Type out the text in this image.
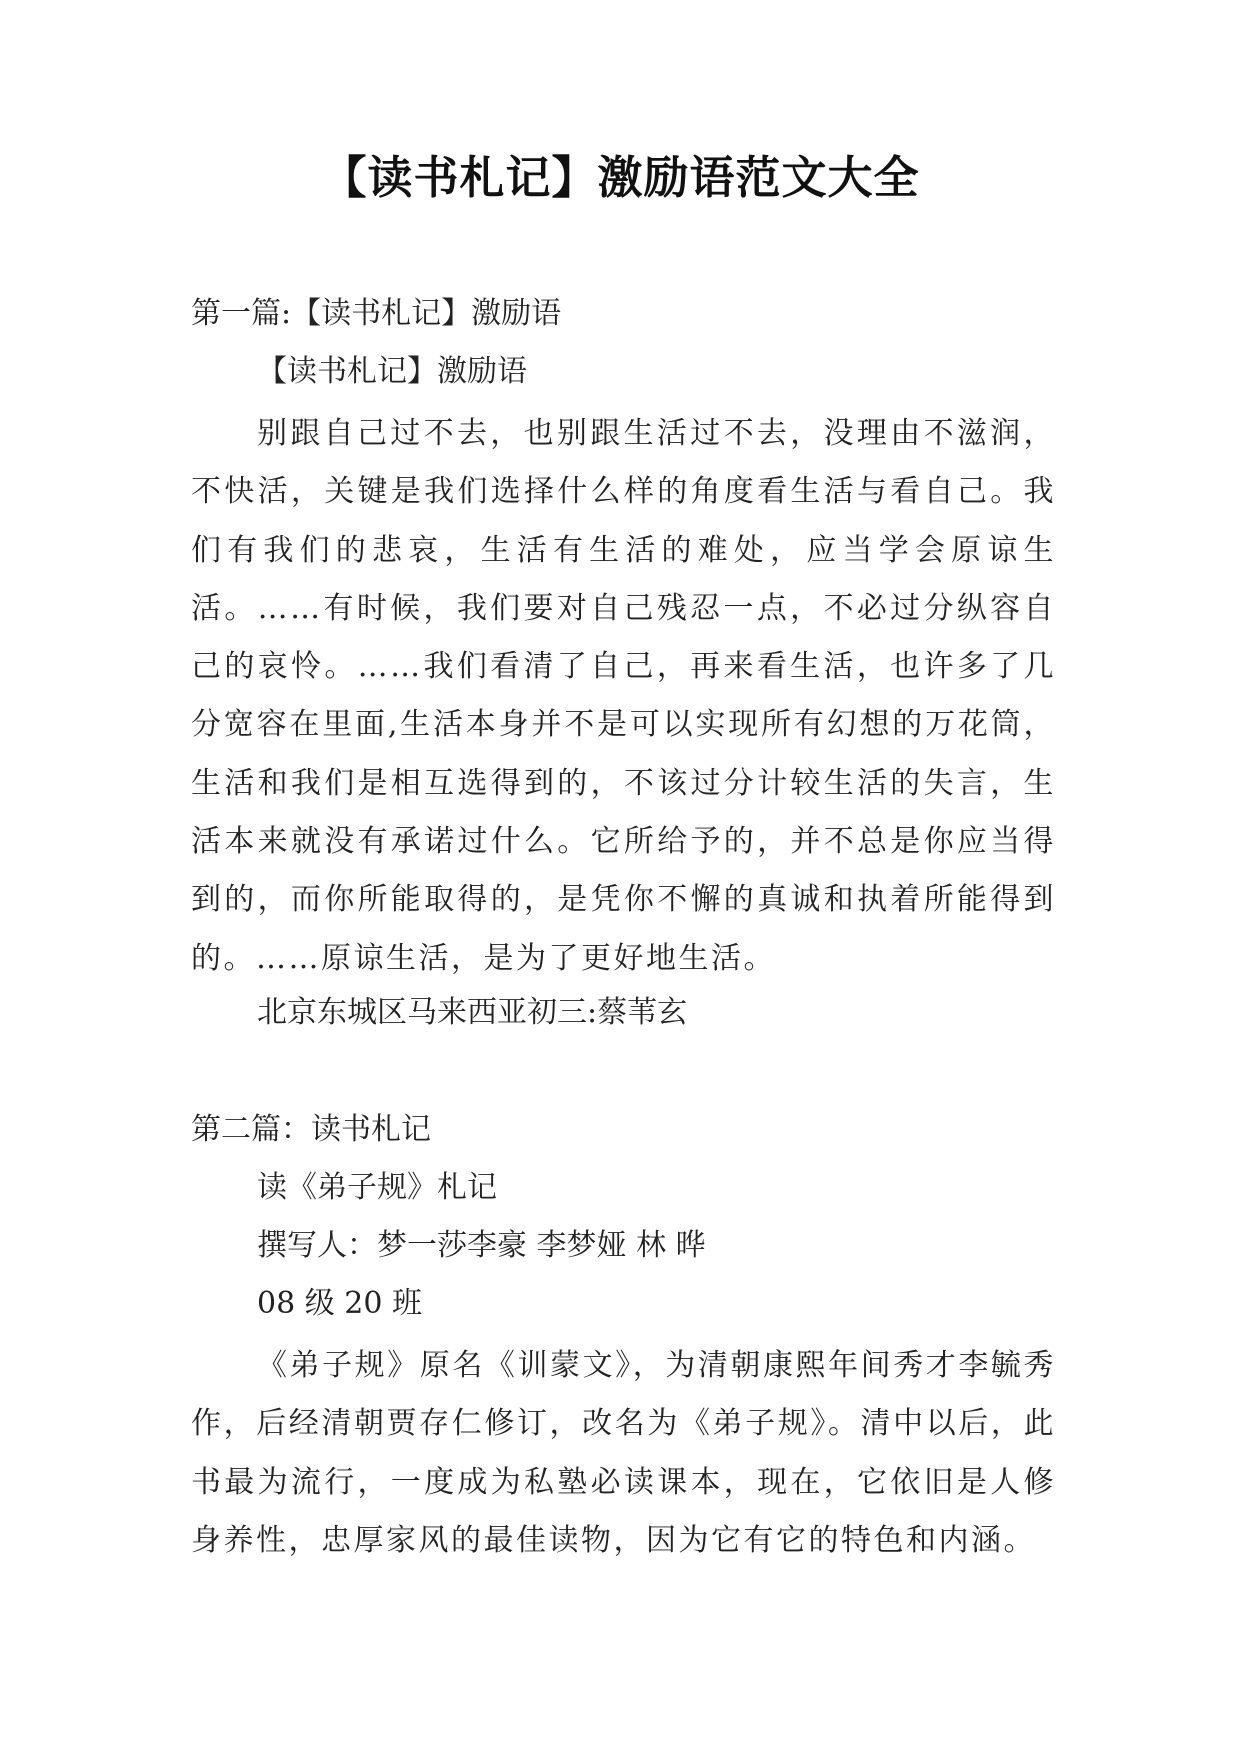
【读书札记】激励语范文大全

第一篇:【读书札记】激励语

【读书札记】激励语

别跟自己过不去，也别跟生活过不去，没理由不滋润，不快活，关键是我们选择什么样的角度看生活与看自己。我们有我们的悲哀，生活有生活的难处，应当学会原谅生活。……有时候，我们要对自己残忍一点，不必过分纵容自己的哀怜。……我们看清了自己，再来看生活，也许多了几分宽容在里面,生活本身并不是可以实现所有幻想的万花筒，生活和我们是相互选得到的，不该过分计较生活的失言，生活本来就没有承诺过什么。它所给予的，并不总是你应当得到的，而你所能取得的，是凭你不懈的真诚和执着所能得到的。……原谅生活，是为了更好地生活。

北京东城区马来西亚初三:蔡苇玄

第二篇：读书札记

读《弟子规》札记

撰写人：梦一莎李豪 李梦娅 林 晔

08 级 20 班

《弟子规》原名《训蒙文》，为清朝康熙年间秀才李毓秀作，后经清朝贾存仁修订，改名为《弟子规》。清中以后，此书最为流行，一度成为私塾必读课本，现在，它依旧是人修身养性，忠厚家风的最佳读物，因为它有它的特色和内涵。
